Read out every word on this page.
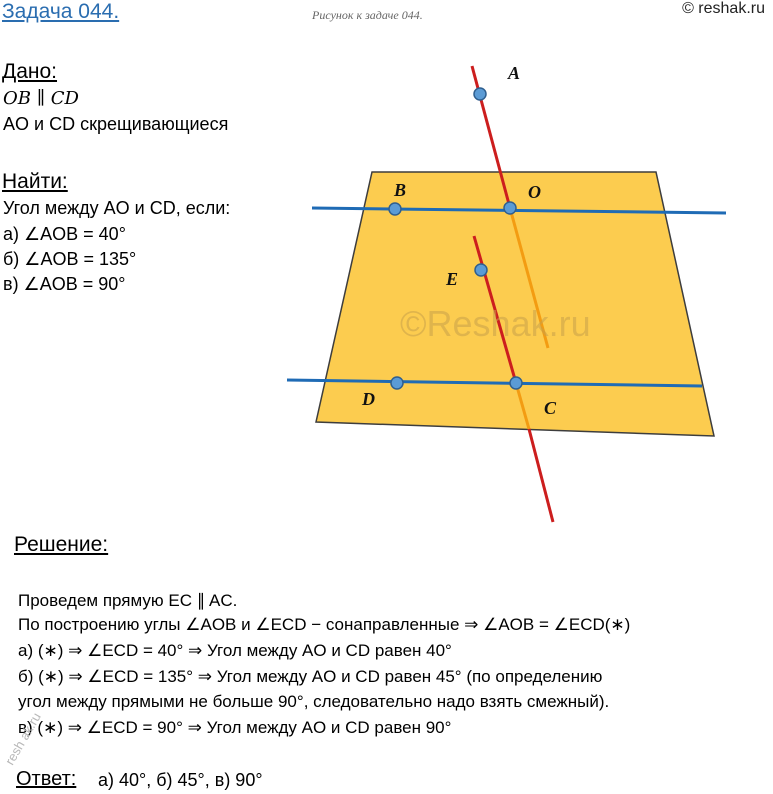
Задача 044.	Рисунок к задаче 044.	© reshak.ru
A
B	O
E
D	C
©Reshak.ru
Дано:
OB ∥ CD
AO и CD скрещивающиеся
Найти:
Угол между AO и CD, если:
а) ∠AOB = 40°
б) ∠AOB = 135°
в) ∠AOB = 90°
Решение:
Проведем прямую EC ∥ AC.
По построению углы ∠AOB и ∠ECD − сонаправленные ⇒ ∠AOB = ∠ECD(∗)
а) (∗) ⇒ ∠ECD = 40° ⇒ Угол между AO и CD равен 40°
б) (∗) ⇒ ∠ECD = 135° ⇒ Угол между AO и CD равен 45° (по определению
угол между прямыми не больше 90°, следовательно надо взять смежный).
в) (∗) ⇒ ∠ECD = 90° ⇒ Угол между AO и CD равен 90°
resh ak.ru
Ответ: а) 40°, б) 45°, в) 90°
